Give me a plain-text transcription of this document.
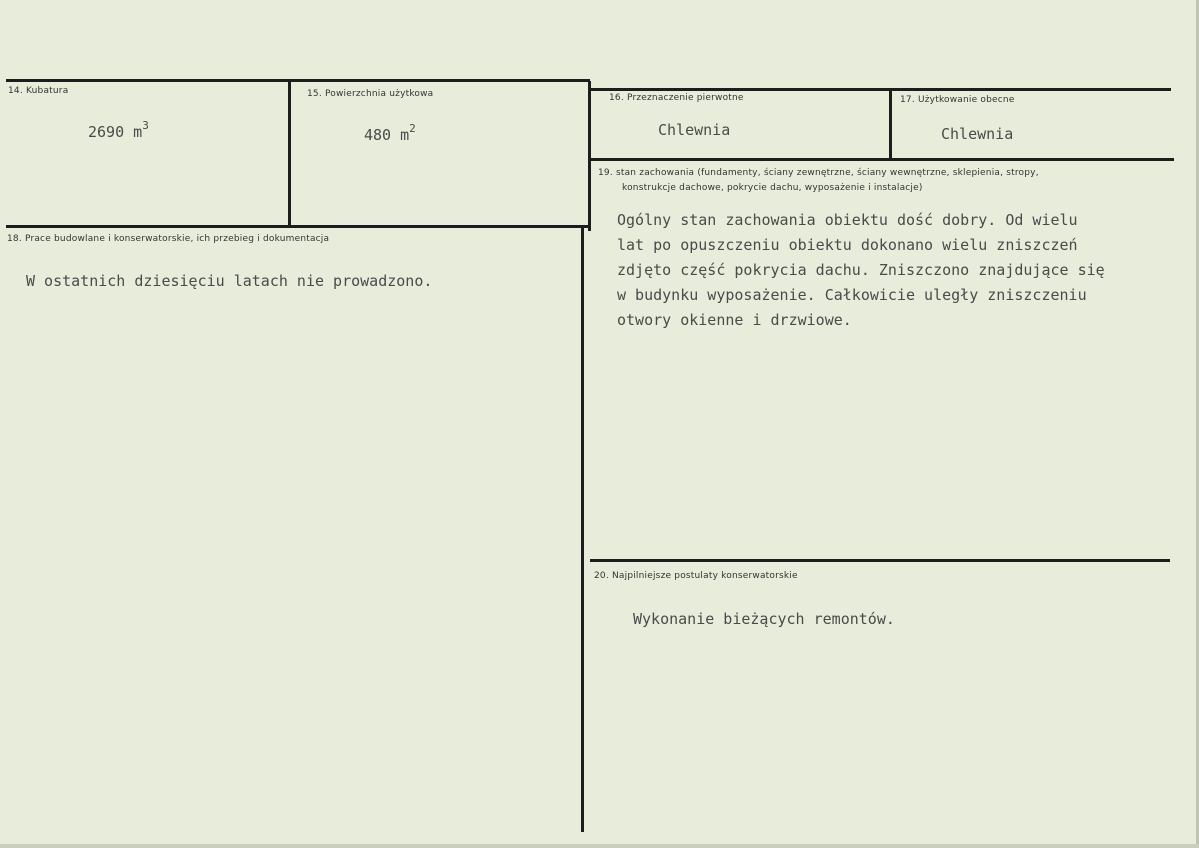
14. Kubatura
2690 $m^3$
15. Powierzchnia użytkowa
480 $m^2$
16. Przeznaczenie pierwotne
Chlewnia
17. Użytkowanie obecne
Chlewnia
18. Prace budowlane i konserwatorskie, ich przebieg i dokumentacja
W ostatnich dziesięciu latach nie prowadzono.
19. stan zachowania (fundamenty, ściany zewnętrzne, ściany wewnętrzne, sklepienia, stropy,
konstrukcje dachowe, pokrycie dachu, wyposażenie i instalacje)
Ogólny stan zachowania obiektu dość dobry. Od wielu
lat po opuszczeniu obiektu dokonano wielu zniszczeń
zdjęto część pokrycia dachu. Zniszczono znajdujące się
w budynku wyposażenie. Całkowicie uległy zniszczeniu
otwory okienne i drzwiowe.
20. Najpilniejsze postulaty konserwatorskie
Wykonanie bieżących remontów.
